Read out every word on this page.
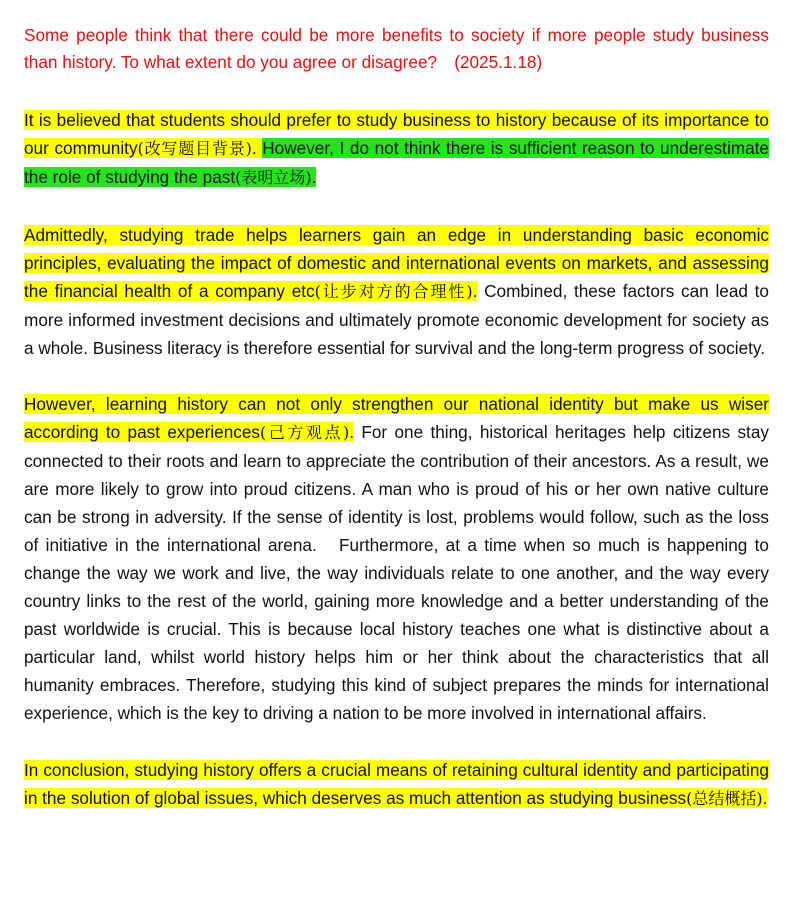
Some people think that there could be more benefits to society if more people study business than history. To what extent do you agree or disagree?　(2025.1.18)

It is believed that students should prefer to study business to history because of its importance to our community(改写题目背景). However, I do not think there is sufficient reason to underestimate the role of studying the past(表明立场).

Admittedly, studying trade helps learners gain an edge in understanding basic economic principles, evaluating the impact of domestic and international events on markets, and assessing the financial health of a company etc(让步对方的合理性). Combined, these factors can lead to more informed investment decisions and ultimately promote economic development for society as a whole. Business literacy is therefore essential for survival and the long-term progress of society.

However, learning history can not only strengthen our national identity but make us wiser according to past experiences(己方观点). For one thing, historical heritages help citizens stay connected to their roots and learn to appreciate the contribution of their ancestors. As a result, we are more likely to grow into proud citizens. A man who is proud of his or her own native culture can be strong in adversity. If the sense of identity is lost, problems would follow, such as the loss of initiative in the international arena.　Furthermore, at a time when so much is happening to change the way we work and live, the way individuals relate to one another, and the way every country links to the rest of the world, gaining more knowledge and a better understanding of the past worldwide is crucial. This is because local history teaches one what is distinctive about a particular land, whilst world history helps him or her think about the characteristics that all humanity embraces. Therefore, studying this kind of subject prepares the minds for international experience, which is the key to driving a nation to be more involved in international affairs.

In conclusion, studying history offers a crucial means of retaining cultural identity and participating in the solution of global issues, which deserves as much attention as studying business(总结概括).
